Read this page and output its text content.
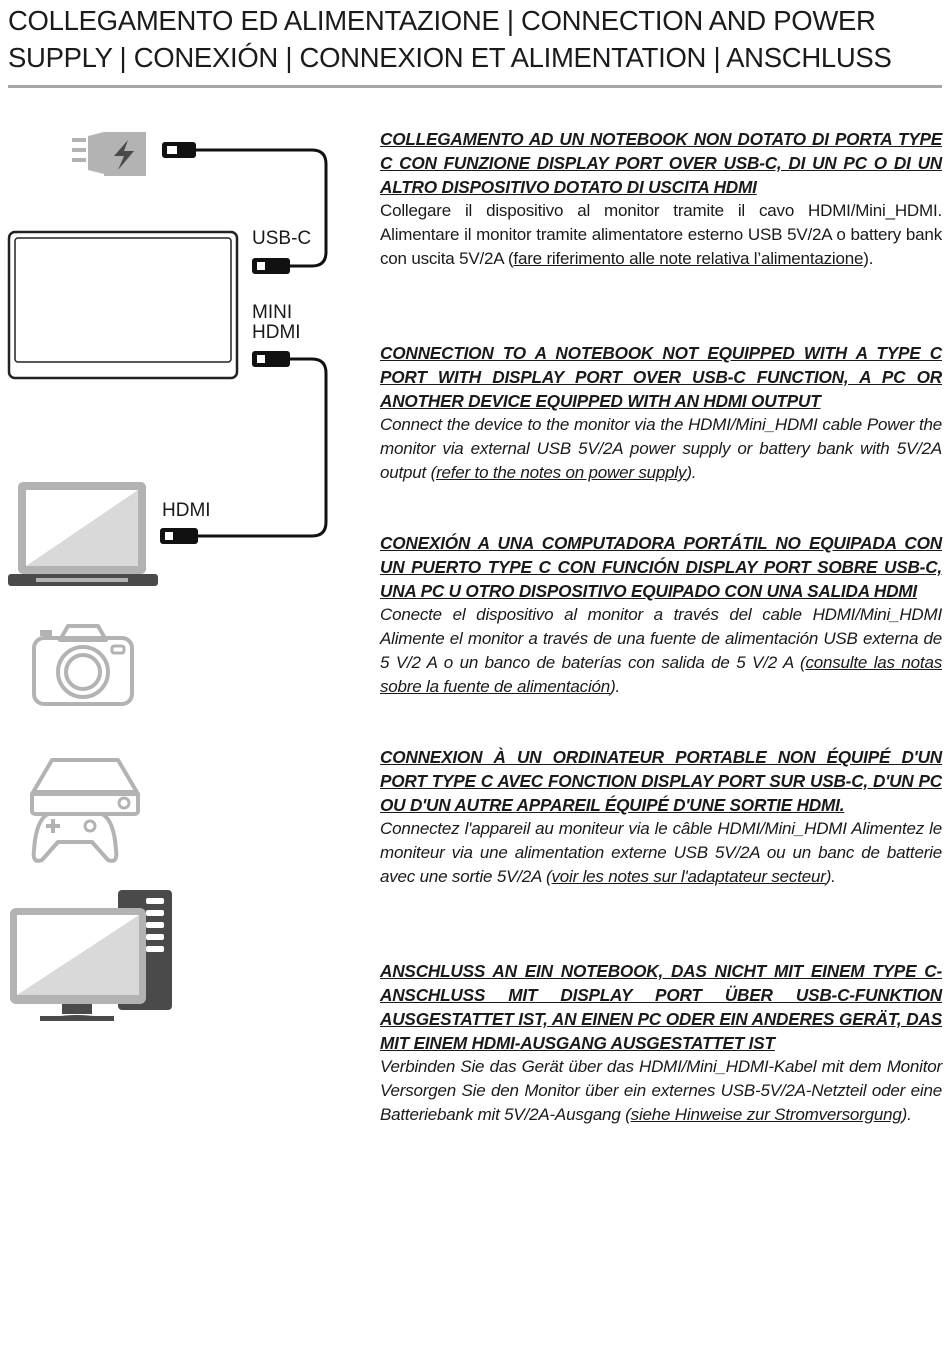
COLLEGAMENTO ED ALIMENTAZIONE | CONNECTION AND POWER SUPPLY | CONEXIÓN | CONNEXION ET ALIMENTATION | ANSCHLUSS

USB-C

MINI

HDMI

HDMI

COLLEGAMENTO AD UN NOTEBOOK NON DOTATO DI PORTA TYPE C CON FUNZIONE DISPLAY PORT OVER USB-C, DI UN PC O DI UN ALTRO DISPOSITIVO DOTATO DI USCITA HDMI

Collegare il dispositivo al monitor tramite il cavo HDMI/Mini_HDMI. Alimentare il monitor tramite alimentatore esterno USB 5V/2A o battery bank con uscita 5V/2A (fare riferimento alle note relativa l’alimentazione).

CONNECTION TO A NOTEBOOK NOT EQUIPPED WITH A TYPE C PORT WITH DISPLAY PORT OVER USB-C FUNCTION, A PC OR ANOTHER DEVICE EQUIPPED WITH AN HDMI OUTPUT

Connect the device to the monitor via the HDMI/Mini_HDMI cable Power the monitor via external USB 5V/2A power supply or battery bank with 5V/2A output (refer to the notes on power supply).

CONEXIÓN A UNA COMPUTADORA PORTÁTIL NO EQUIPADA CON UN PUERTO TYPE C CON FUNCIÓN DISPLAY PORT SOBRE USB-C, UNA PC U OTRO DISPOSITIVO EQUIPADO CON UNA SALIDA HDMI

Conecte el dispositivo al monitor a través del cable HDMI/Mini_HDMI Alimente el monitor a través de una fuente de alimentación USB externa de 5 V/2 A o un banco de baterías con salida de 5 V/2 A (consulte las notas sobre la fuente de alimentación).

CONNEXION À UN ORDINATEUR PORTABLE NON ÉQUIPÉ D'UN PORT TYPE C AVEC FONCTION DISPLAY PORT SUR USB-C, D'UN PC OU D'UN AUTRE APPAREIL ÉQUIPÉ D'UNE SORTIE HDMI.

Connectez l'appareil au moniteur via le câble HDMI/Mini_HDMI Alimentez le moniteur via une alimentation externe USB 5V/2A ou un banc de batterie avec une sortie 5V/2A (voir les notes sur l'adaptateur secteur).

ANSCHLUSS AN EIN NOTEBOOK, DAS NICHT MIT EINEM TYPE C-ANSCHLUSS MIT DISPLAY PORT ÜBER USB-C-FUNKTION AUSGESTATTET IST, AN EINEN PC ODER EIN ANDERES GERÄT, DAS MIT EINEM HDMI-AUSGANG AUSGESTATTET IST

Verbinden Sie das Gerät über das HDMI/Mini_HDMI-Kabel mit dem Monitor Versorgen Sie den Monitor über ein externes USB-5V/2A-Netzteil oder eine Batteriebank mit 5V/2A-Ausgang (siehe Hinweise zur Stromversorgung).
